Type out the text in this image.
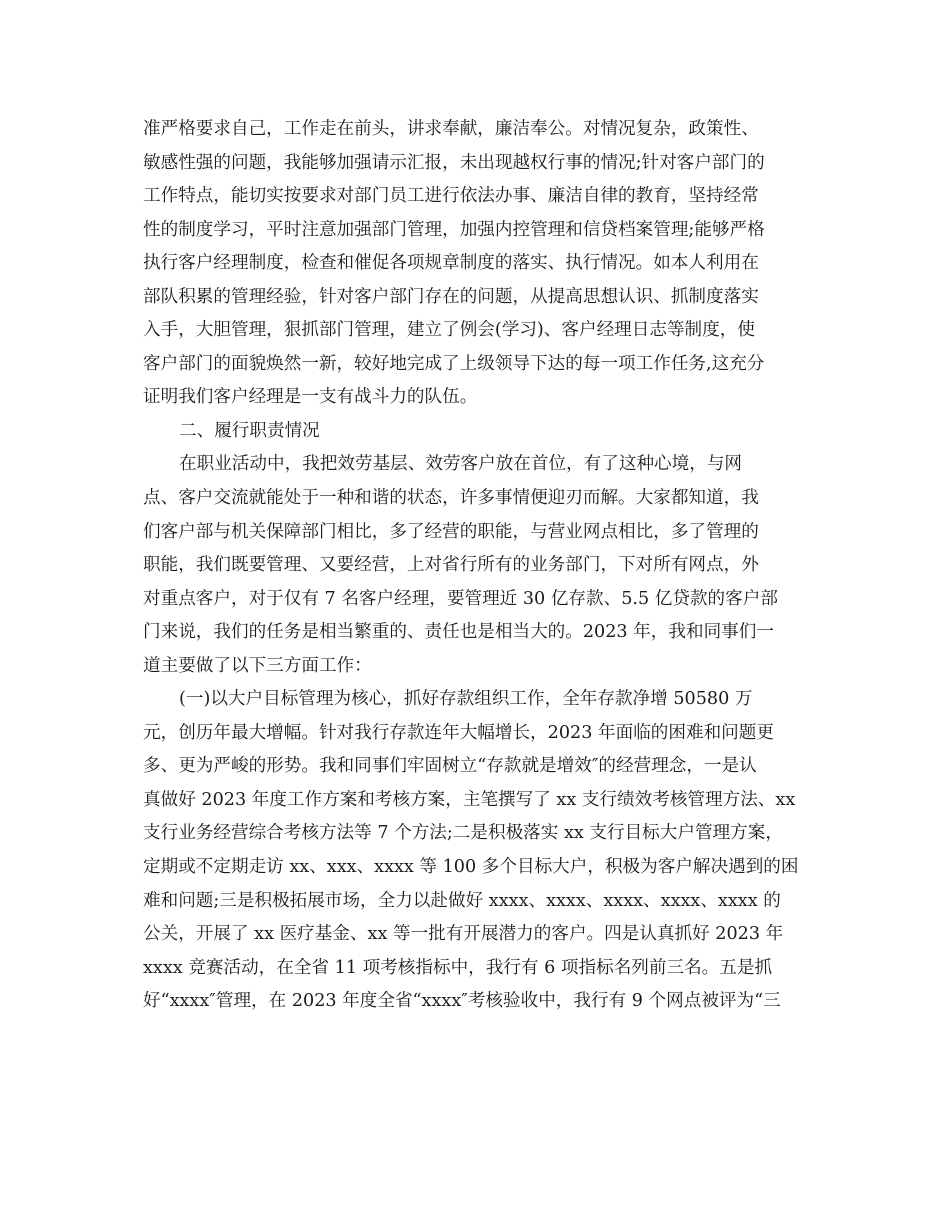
准严格要求自己，工作走在前头，讲求奉献，廉洁奉公。对情况复杂，政策性、
敏感性强的问题，我能够加强请示汇报，未出现越权行事的情况;针对客户部门的
工作特点，能切实按要求对部门员工进行依法办事、廉洁自律的教育，坚持经常
性的制度学习，平时注意加强部门管理，加强内控管理和信贷档案管理;能够严格
执行客户经理制度，检查和催促各项规章制度的落实、执行情况。如本人利用在
部队积累的管理经验，针对客户部门存在的问题，从提高思想认识、抓制度落实
入手，大胆管理，狠抓部门管理，建立了例会(学习)、客户经理日志等制度，使
客户部门的面貌焕然一新，较好地完成了上级领导下达的每一项工作任务,这充分
证明我们客户经理是一支有战斗力的队伍。
二、履行职责情况
在职业活动中，我把效劳基层、效劳客户放在首位，有了这种心境，与网
点、客户交流就能处于一种和谐的状态，许多事情便迎刃而解。大家都知道，我
们客户部与机关保障部门相比，多了经营的职能，与营业网点相比，多了管理的
职能，我们既要管理、又要经营，上对省行所有的业务部门，下对所有网点，外
对重点客户，对于仅有 7 名客户经理，要管理近 30 亿存款、5.5 亿贷款的客户部
门来说，我们的任务是相当繁重的、责任也是相当大的。2023 年，我和同事们一
道主要做了以下三方面工作：
(一)以大户目标管理为核心，抓好存款组织工作，全年存款净增 50580 万
元，创历年最大增幅。针对我行存款连年大幅增长，2023 年面临的困难和问题更
多、更为严峻的形势。我和同事们牢固树立“存款就是增效″的经营理念，一是认
真做好 2023 年度工作方案和考核方案，主笔撰写了 xx 支行绩效考核管理方法、xx
支行业务经营综合考核方法等 7 个方法;二是积极落实 xx 支行目标大户管理方案，
定期或不定期走访 xx、xxx、xxxx 等 100 多个目标大户，积极为客户解决遇到的困
难和问题;三是积极拓展市场，全力以赴做好 xxxx、xxxx、xxxx、xxxx、xxxx 的
公关，开展了 xx 医疗基金、xx 等一批有开展潜力的客户。四是认真抓好 2023 年
xxxx 竞赛活动，在全省 11 项考核指标中，我行有 6 项指标名列前三名。五是抓
好“xxxx″管理，在 2023 年度全省“xxxx″考核验收中，我行有 9 个网点被评为“三
